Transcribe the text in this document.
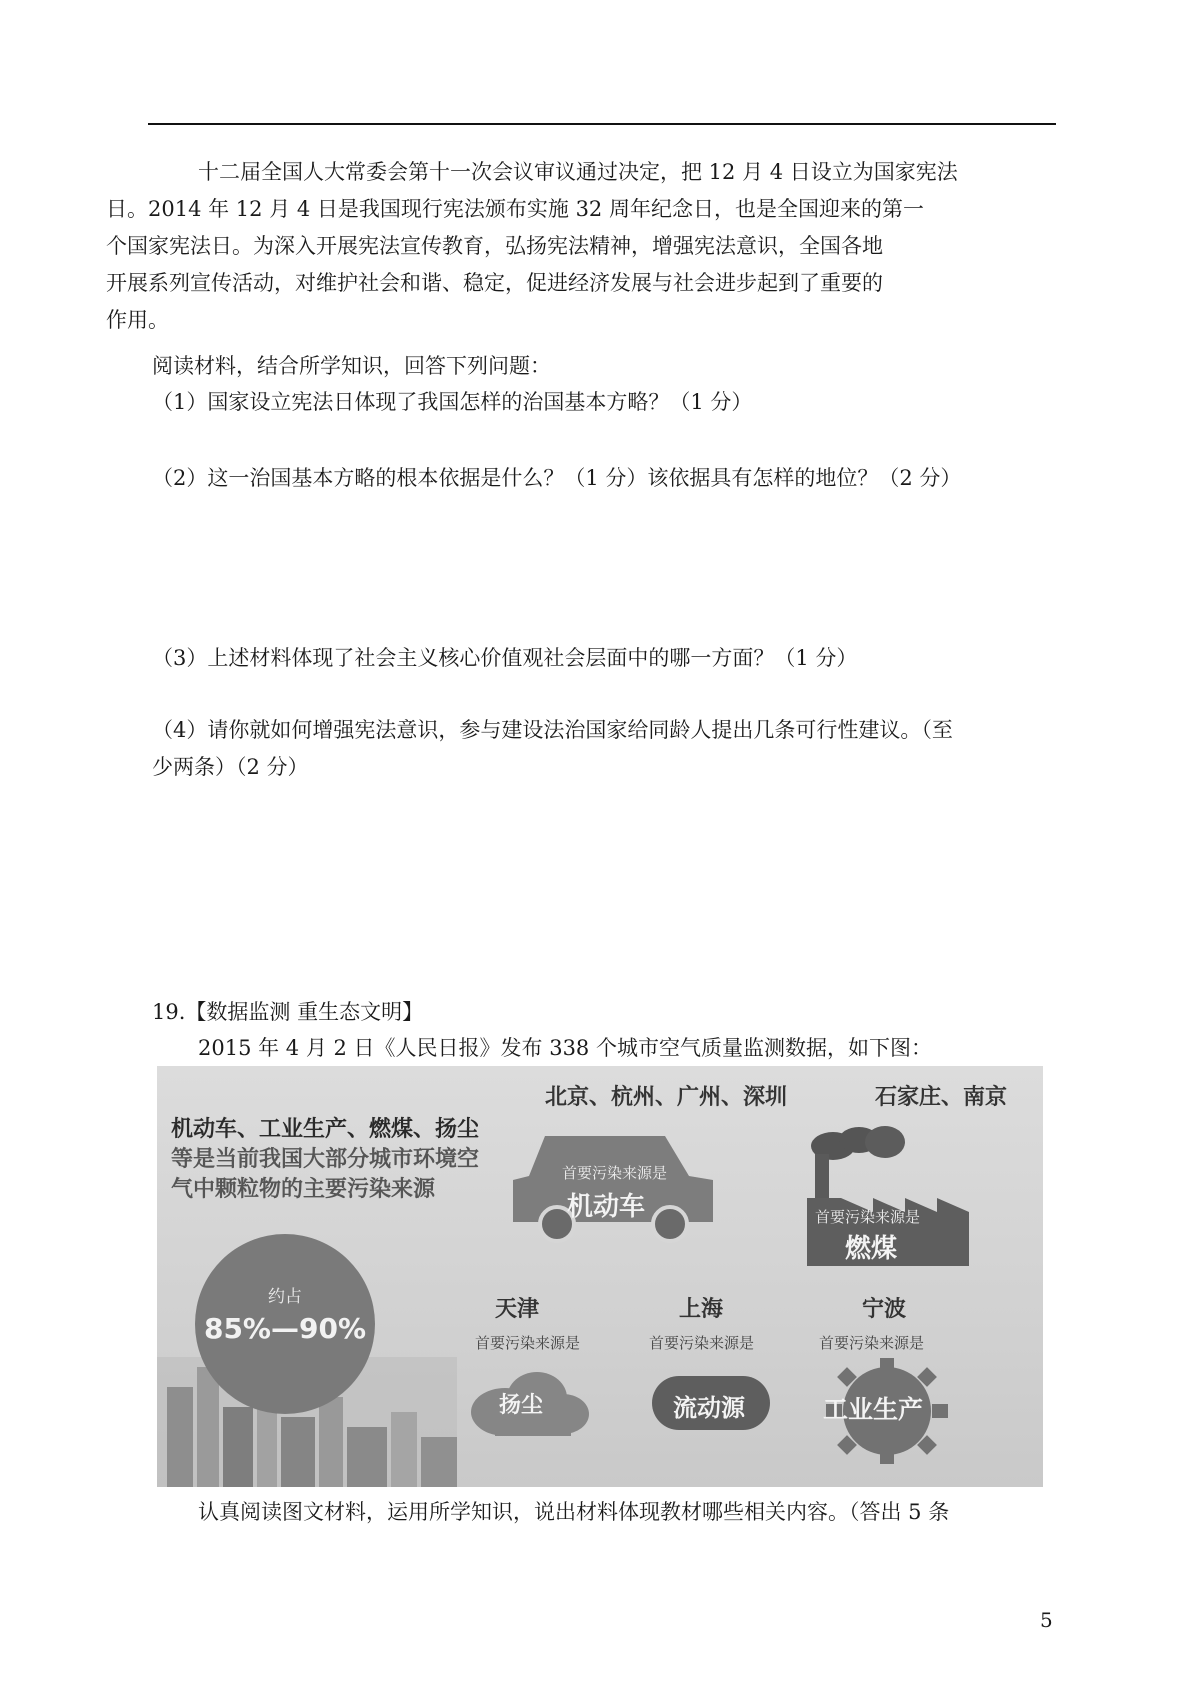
十二届全国人大常委会第十一次会议审议通过决定，把 12 月 4 日设立为国家宪法
日。2014 年 12 月 4 日是我国现行宪法颁布实施 32 周年纪念日，也是全国迎来的第一
个国家宪法日。为深入开展宪法宣传教育，弘扬宪法精神，增强宪法意识，全国各地
开展系列宣传活动，对维护社会和谐、稳定，促进经济发展与社会进步起到了重要的
作用。

阅读材料，结合所学知识，回答下列问题：

（1）国家设立宪法日体现了我国怎样的治国基本方略？（1 分）

（2）这一治国基本方略的根本依据是什么？（1 分）该依据具有怎样的地位？（2 分）

（3）上述材料体现了社会主义核心价值观社会层面中的哪一方面？（1 分）

（4）请你就如何增强宪法意识，参与建设法治国家给同龄人提出几条可行性建议。（至

少两条）（2 分）

19.【数据监测 重生态文明】

2015 年 4 月 2 日《人民日报》发布 338 个城市空气质量监测数据，如下图：

机动车、工业生产、燃煤、扬尘
等是当前我国大部分城市环境空
气中颗粒物的主要污染来源
约占
85%—90%
北京、杭州、广州、深圳	石家庄、南京
首要污染来源是
机动车	首要污染来源是
燃煤
天津	上海	宁波
首要污染来源是	首要污染来源是	首要污染来源是
扬尘	流动源	工业生产

认真阅读图文材料，运用所学知识，说出材料体现教材哪些相关内容。（答出 5 条

5
